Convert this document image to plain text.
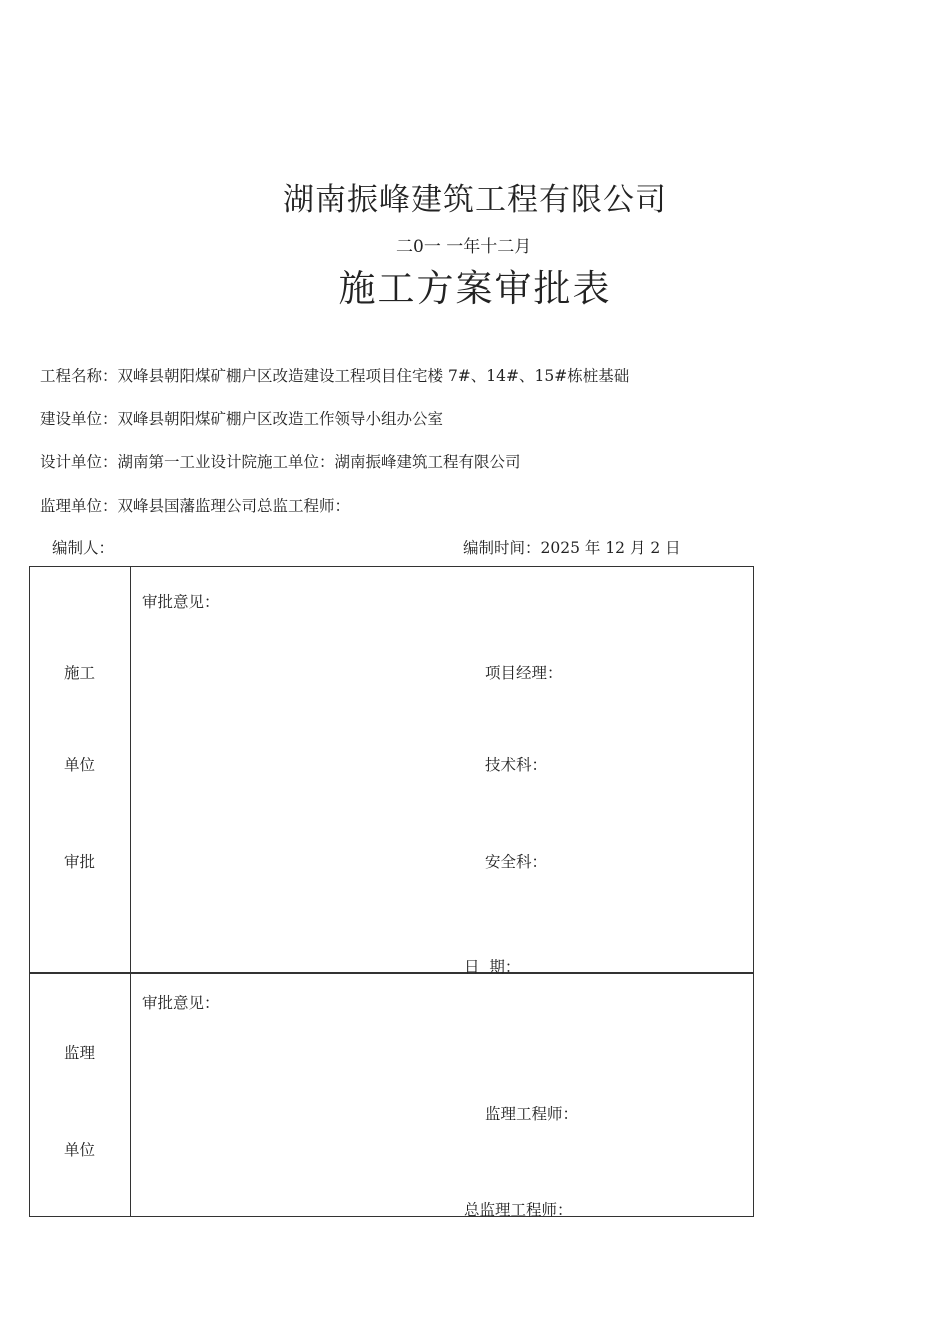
湖南振峰建筑工程有限公司
二0一 一年十二月
施工方案审批表
工程名称：双峰县朝阳煤矿棚户区改造建设工程项目住宅楼 7#、14#、15#栋桩基础
建设单位：双峰县朝阳煤矿棚户区改造工作领导小组办公室
设计单位：湖南第一工业设计院施工单位：湖南振峰建筑工程有限公司
监理单位：双峰县国藩监理公司总监工程师：
编制人：	编制时间：2025 年 12 月 2 日
施工
单位
审批
审批意见：
项目经理：
技术科：
安全科：
日  期：
监理
单位
审批意见：
监理工程师：
总监理工程师：
